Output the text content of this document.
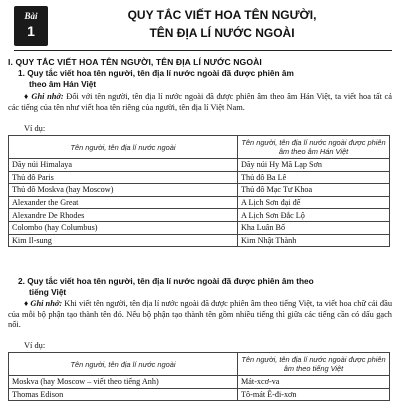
Bài
1
QUY TẮC VIẾT HOA TÊN NGƯỜI,
TÊN ĐỊA LÍ NƯỚC NGOÀI
I. QUY TẮC VIẾT HOA TÊN NGƯỜI, TÊN ĐỊA LÍ NƯỚC NGOÀI
1. Quy tắc viết hoa tên người, tên địa lí nước ngoài đã được phiên âm
theo âm Hán Việt
♦ Ghi nhớ: Đối với tên người, tên địa lí nước ngoài đã được phiên âm theo âm Hán Việt, ta viết hoa tất cả các tiếng của tên như viết hoa tên riêng của người, tên địa lí Việt Nam.
Ví dụ:
Tên người, tên địa lí nước ngoài	Tên người, tên địa lí nước ngoài được phiên âm theo âm Hán Việt
Dãy núi Himalaya	Dãy núi Hy Mã Lạp Sơn
Thủ đô Paris	Thủ đô Ba Lê
Thủ đô Moskva (hay Moscow)	Thủ đô Mạc Tư Khoa
Alexander the Great	A Lịch Sơn đại đế
Alexandre De Rhodes	A Lịch Sơn Đắc Lộ
Colombo (hay Columbus)	Kha Luân Bố
Kim Il-sung	Kim Nhật Thành
2. Quy tắc viết hoa tên người, tên địa lí nước ngoài đã được phiên âm theo
tiếng Việt
♦ Ghi nhớ: Khi viết tên người, tên địa lí nước ngoài đã được phiên âm theo tiếng Việt, ta viết hoa chữ cái đầu của mỗi bộ phận tạo thành tên đó. Nếu bộ phận tạo thành tên gồm nhiều tiếng thì giữa các tiếng cần có dấu gạch nối.
Ví dụ:
Tên người, tên địa lí nước ngoài	Tên người, tên địa lí nước ngoài được phiên âm theo tiếng Việt
Moskva (hay Moscow – viết theo tiếng Anh)	Mát-xcơ-va
Thomas Edison	Tô-mát Ê-đi-xơn
